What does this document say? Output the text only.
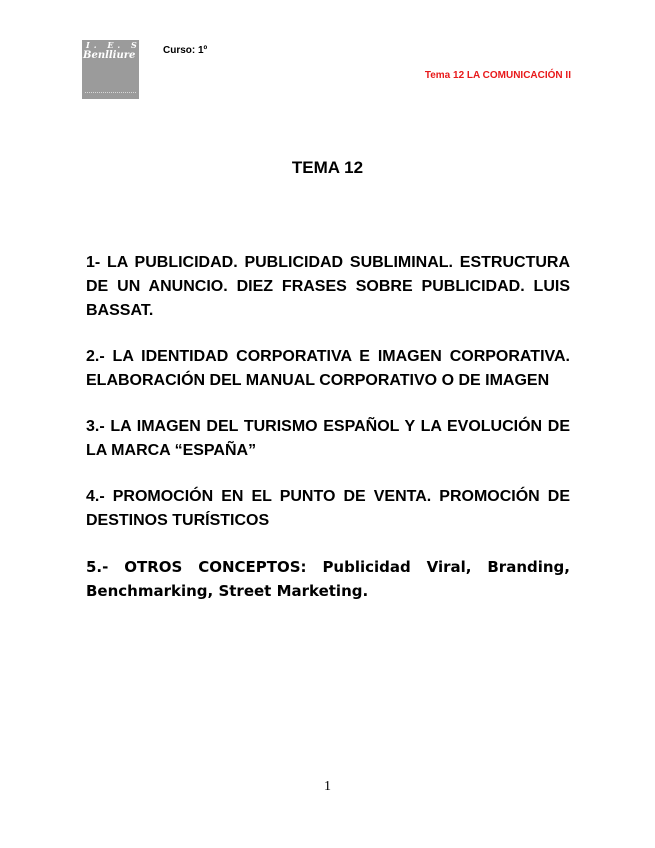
I. E. S.
Benlliure	Curso: 1º
Tema 12 LA COMUNICACIÓN II
TEMA 12
1- LA PUBLICIDAD. PUBLICIDAD SUBLIMINAL. ESTRUCTURA DE UN ANUNCIO. DIEZ FRASES SOBRE PUBLICIDAD. LUIS BASSAT.
2.- LA IDENTIDAD CORPORATIVA E IMAGEN CORPORATIVA. ELABORACIÓN DEL MANUAL CORPORATIVO O DE IMAGEN
3.- LA IMAGEN DEL TURISMO ESPAÑOL Y LA EVOLUCIÓN DE LA MARCA “ESPAÑA”
4.- PROMOCIÓN EN EL PUNTO DE VENTA. PROMOCIÓN DE DESTINOS TURÍSTICOS
5.- OTROS CONCEPTOS: Publicidad Viral, Branding, Benchmarking, Street Marketing.
1
